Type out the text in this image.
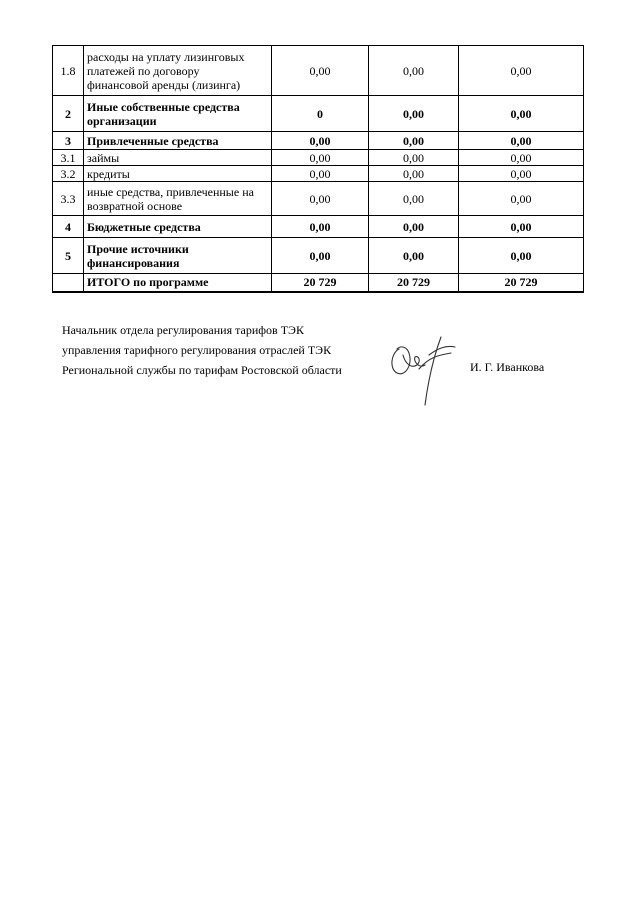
1.8	расходы на уплату лизинговых
платежей по договору
финансовой аренды (лизинга)	0,00	0,00	0,00
2	Иные собственные средства
организации	0	0,00	0,00
3	Привлеченные средства	0,00	0,00	0,00
3.1	займы	0,00	0,00	0,00
3.2	кредиты	0,00	0,00	0,00
3.3	иные средства, привлеченные на
возвратной основе	0,00	0,00	0,00
4	Бюджетные средства	0,00	0,00	0,00
5	Прочие источники
финансирования	0,00	0,00	0,00

	ИТОГО по программе	20 729	20 729	20 729
Начальник отдела регулирования тарифов ТЭК
управления тарифного регулирования отраслей ТЭК
Региональной службы по тарифам Ростовской области	И. Г. Иванкова
